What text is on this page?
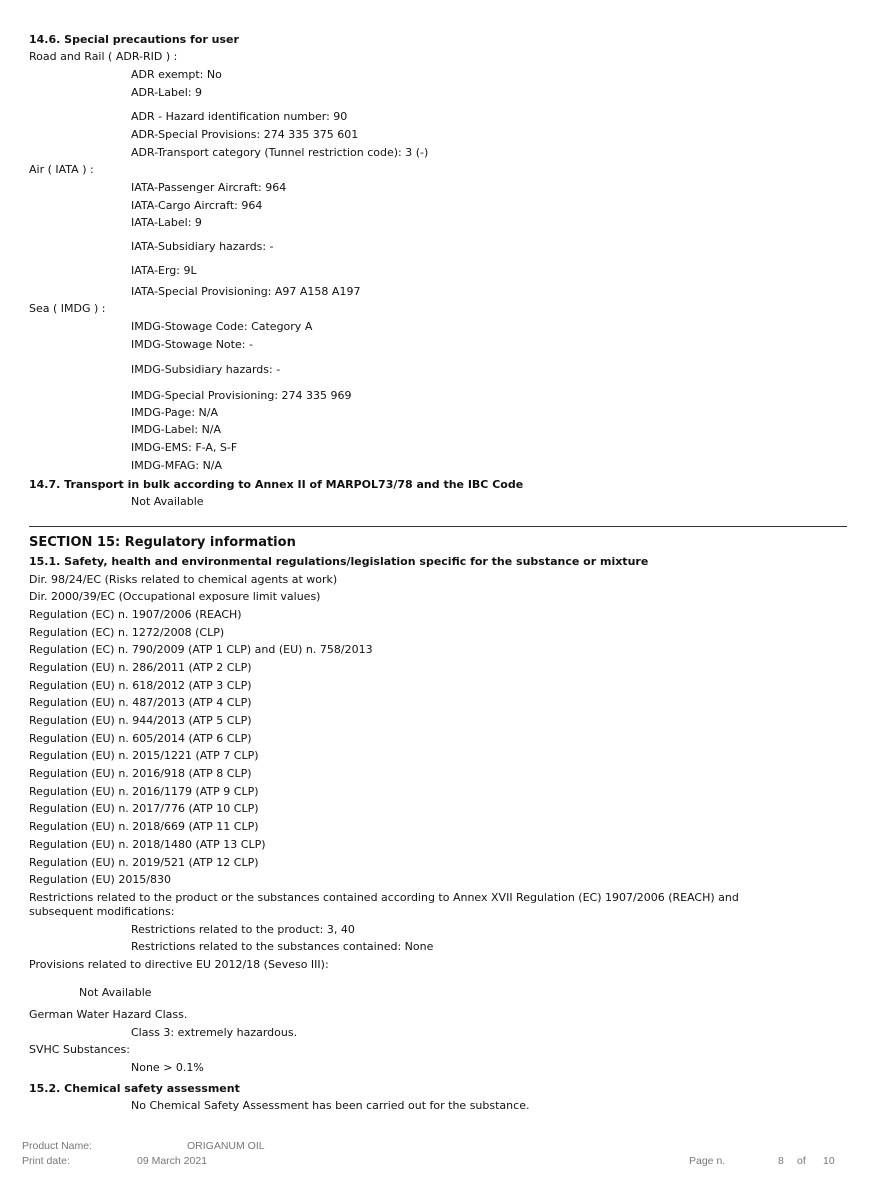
14.6. Special precautions for user
Road and Rail ( ADR-RID ) :
ADR exempt: No
ADR-Label: 9
ADR - Hazard identification number: 90
ADR-Special Provisions: 274 335 375 601
ADR-Transport category (Tunnel restriction code): 3 (-)
Air ( IATA ) :
IATA-Passenger Aircraft: 964
IATA-Cargo Aircraft: 964
IATA-Label: 9
IATA-Subsidiary hazards: -
IATA-Erg: 9L
IATA-Special Provisioning: A97 A158 A197
Sea ( IMDG ) :
IMDG-Stowage Code: Category A
IMDG-Stowage Note: -
IMDG-Subsidiary hazards: -
IMDG-Special Provisioning: 274 335 969
IMDG-Page: N/A
IMDG-Label: N/A
IMDG-EMS: F-A, S-F
IMDG-MFAG: N/A
14.7. Transport in bulk according to Annex II of MARPOL73/78 and the IBC Code
Not Available
SECTION 15: Regulatory information
15.1. Safety, health and environmental regulations/legislation specific for the substance or mixture
Dir. 98/24/EC (Risks related to chemical agents at work)
Dir. 2000/39/EC (Occupational exposure limit values)
Regulation (EC) n. 1907/2006 (REACH)
Regulation (EC) n. 1272/2008 (CLP)
Regulation (EC) n. 790/2009 (ATP 1 CLP) and (EU) n. 758/2013
Regulation (EU) n. 286/2011 (ATP 2 CLP)
Regulation (EU) n. 618/2012 (ATP 3 CLP)
Regulation (EU) n. 487/2013 (ATP 4 CLP)
Regulation (EU) n. 944/2013 (ATP 5 CLP)
Regulation (EU) n. 605/2014 (ATP 6 CLP)
Regulation (EU) n. 2015/1221 (ATP 7 CLP)
Regulation (EU) n. 2016/918 (ATP 8 CLP)
Regulation (EU) n. 2016/1179 (ATP 9 CLP)
Regulation (EU) n. 2017/776 (ATP 10 CLP)
Regulation (EU) n. 2018/669 (ATP 11 CLP)
Regulation (EU) n. 2018/1480 (ATP 13 CLP)
Regulation (EU) n. 2019/521 (ATP 12 CLP)
Regulation (EU) 2015/830
Restrictions related to the product or the substances contained according to Annex XVII Regulation (EC) 1907/2006 (REACH) and
subsequent modifications:
Restrictions related to the product: 3, 40
Restrictions related to the substances contained: None
Provisions related to directive EU 2012/18 (Seveso III):
Not Available
German Water Hazard Class.
Class 3: extremely hazardous.
SVHC Substances:
None > 0.1%
15.2. Chemical safety assessment
No Chemical Safety Assessment has been carried out for the substance.
Product Name:	ORIGANUM OIL
Print date:	09 March 2021	Page n.	8 of 10
